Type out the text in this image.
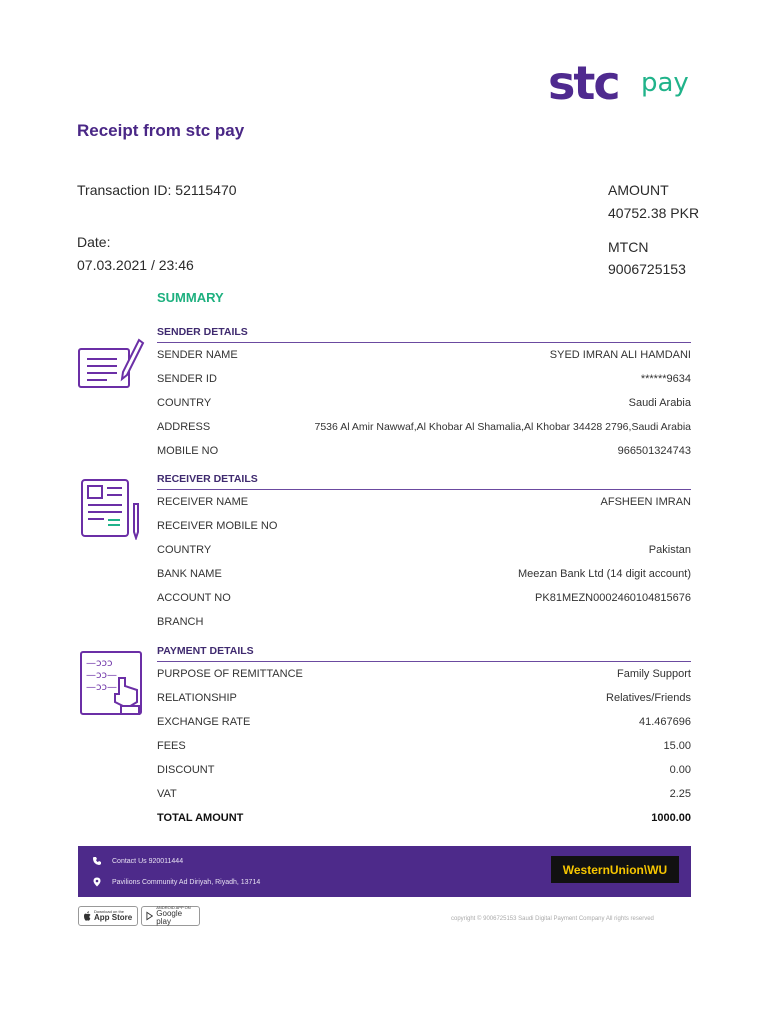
stc pay
Receipt from stc pay
Transaction ID: 52115470
Date:
07.03.2021 / 23:46
AMOUNT
40752.38 PKR
MTCN
9006725153
SUMMARY
SENDER DETAILS
SENDER NAME	SYED IMRAN ALI HAMDANI
SENDER ID	******9634
COUNTRY	Saudi Arabia
ADDRESS	7536 Al Amir Nawwaf,Al Khobar Al Shamalia,Al Khobar 34428 2796,Saudi Arabia
MOBILE NO	966501324743
RECEIVER DETAILS
RECEIVER NAME	AFSHEEN IMRAN
RECEIVER MOBILE NO
COUNTRY	Pakistan
BANK NAME	Meezan Bank Ltd (14 digit account)
ACCOUNT NO	PK81MEZN0002460104815676
BRANCH
—ɔɔɔ
—ɔɔ—
—ɔɔ—
PAYMENT DETAILS
PURPOSE OF REMITTANCE	Family Support
RELATIONSHIP	Relatives/Friends
EXCHANGE RATE	41.467696
FEES	15.00
DISCOUNT	0.00
VAT	2.25
TOTAL AMOUNT	1000.00
Contact Us 920011444
Pavilions Community Ad Diriyah, Riyadh, 13714
WesternUnion\WU
Download on the
App Store
ANDROID APP ON
Google play	copyright © 9006725153 Saudi Digital Payment Company All rights reserved
